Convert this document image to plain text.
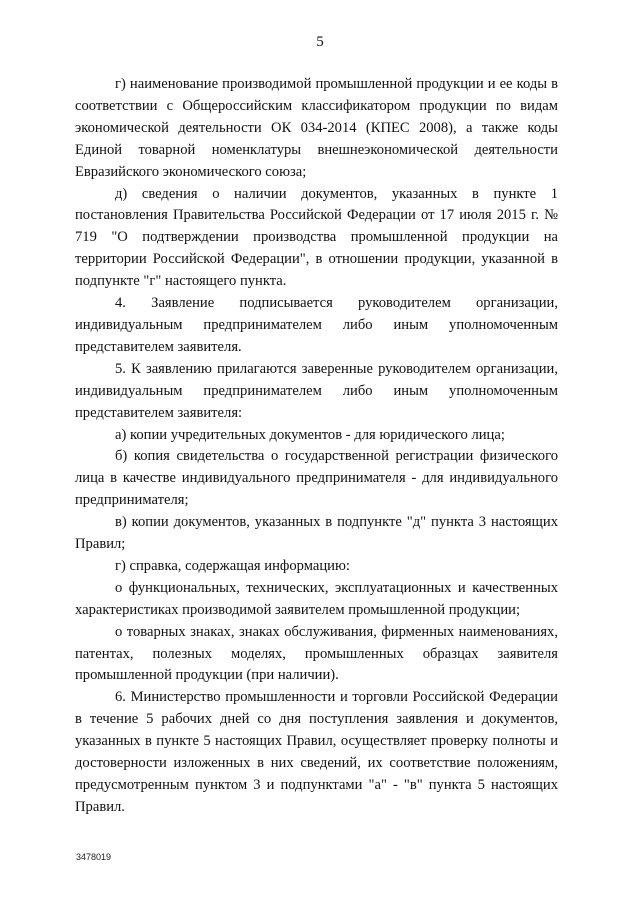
5

г) наименование производимой промышленной продукции и ее коды в соответствии с Общероссийским классификатором продукции по видам экономической деятельности ОК 034-2014 (КПЕС 2008), а также коды Единой товарной номенклатуры внешнеэкономической деятельности Евразийского экономического союза;

д) сведения о наличии документов, указанных в пункте 1 постановления Правительства Российской Федерации от 17 июля 2015 г. № 719 "О подтверждении производства промышленной продукции на территории Российской Федерации", в отношении продукции, указанной в подпункте "г" настоящего пункта.

4. Заявление подписывается руководителем организации, индивидуальным предпринимателем либо иным уполномоченным представителем заявителя.

5. К заявлению прилагаются заверенные руководителем организации, индивидуальным предпринимателем либо иным уполномоченным представителем заявителя:

а) копии учредительных документов - для юридического лица;

б) копия свидетельства о государственной регистрации физического лица в качестве индивидуального предпринимателя - для индивидуального предпринимателя;

в) копии документов, указанных в подпункте "д" пункта 3 настоящих Правил;

г) справка, содержащая информацию:

о функциональных, технических, эксплуатационных и качественных характеристиках производимой заявителем промышленной продукции;

о товарных знаках, знаках обслуживания, фирменных наименованиях, патентах, полезных моделях, промышленных образцах заявителя промышленной продукции (при наличии).

6. Министерство промышленности и торговли Российской Федерации в течение 5 рабочих дней со дня поступления заявления и документов, указанных в пункте 5 настоящих Правил, осуществляет проверку полноты и достоверности изложенных в них сведений, их соответствие положениям, предусмотренным пунктом 3 и подпунктами "а" - "в" пункта 5 настоящих Правил.

3478019
